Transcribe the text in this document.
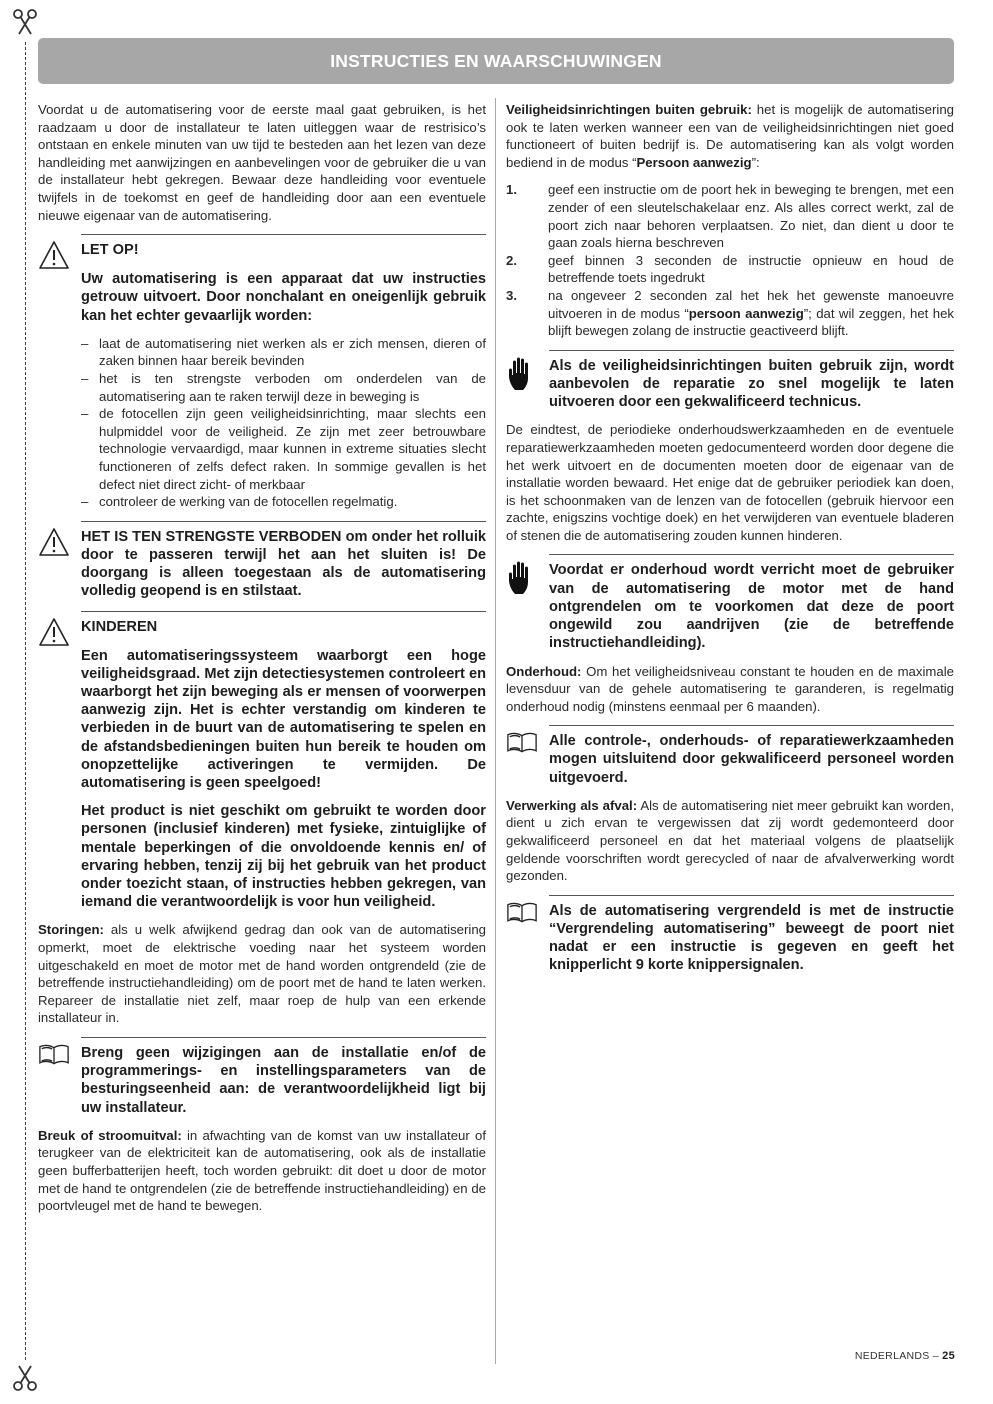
INSTRUCTIES EN WAARSCHUWINGEN

Voordat u de automatisering voor de eerste maal gaat gebruiken, is het raadzaam u door de installateur te laten uitleggen waar de restrisico’s ontstaan en enkele minuten van uw tijd te besteden aan het lezen van deze handleiding met aanwijzingen en aanbevelingen voor de gebruiker die u van de installateur hebt gekregen. Bewaar deze handleiding voor eventuele twijfels in de toekomst en geef de handleiding door aan een eventuele nieuwe eigenaar van de automatisering.

LET OP!
Uw automatisering is een apparaat dat uw instructies getrouw uitvoert. Door nonchalant en oneigenlijk gebruik kan het echter gevaarlijk worden:
– laat de automatisering niet werken als er zich mensen, dieren of zaken binnen haar bereik bevinden
– het is ten strengste verboden om onderdelen van de automatisering aan te raken terwijl deze in beweging is
– de fotocellen zijn geen veiligheidsinrichting, maar slechts een hulpmiddel voor de veiligheid. Ze zijn met zeer betrouwbare technologie vervaardigd, maar kunnen in extreme situaties slecht functioneren of zelfs defect raken. In sommige gevallen is het defect niet direct zicht- of merkbaar
– controleer de werking van de fotocellen regelmatig.
HET IS TEN STRENGSTE VERBODEN om onder het rolluik door te passeren terwijl het aan het sluiten is! De doorgang is alleen toegestaan als de automatisering volledig geopend is en stilstaat.
KINDEREN
Een automatiseringssysteem waarborgt een hoge veiligheidsgraad. Met zijn detectiesystemen controleert en waarborgt het zijn beweging als er mensen of voorwerpen aanwezig zijn. Het is echter verstandig om kinderen te verbieden in de buurt van de automatisering te spelen en de afstandsbedieningen buiten hun bereik te houden om onopzettelijke activeringen te vermijden. De automatisering is geen speelgoed!
Het product is niet geschikt om gebruikt te worden door personen (inclusief kinderen) met fysieke, zintuiglijke of mentale beperkingen of die onvoldoende kennis en/ of ervaring hebben, tenzij zij bij het gebruik van het product onder toezicht staan, of instructies hebben gekregen, van iemand die verantwoordelijk is voor hun veiligheid.

Storingen: als u welk afwijkend gedrag dan ook van de automatisering opmerkt, moet de elektrische voeding naar het systeem worden uitgeschakeld en moet de motor met de hand worden ontgrendeld (zie de betreffende instructiehandleiding) om de poort met de hand te laten werken. Repareer de installatie niet zelf, maar roep de hulp van een erkende installateur in.

Breng geen wijzigingen aan de installatie en/of de programmerings- en instellingsparameters van de besturingseenheid aan: de verantwoordelijkheid ligt bij uw installateur.

Breuk of stroomuitval: in afwachting van de komst van uw installateur of terugkeer van de elektriciteit kan de automatisering, ook als de installatie geen bufferbatterijen heeft, toch worden gebruikt: dit doet u door de motor met de hand te ontgrendelen (zie de betreffende instructiehandleiding) en de poortvleugel met de hand te bewegen.

Veiligheidsinrichtingen buiten gebruik: het is mogelijk de automatisering ook te laten werken wanneer een van de veiligheidsinrichtingen niet goed functioneert of buiten bedrijf is. De automatisering kan als volgt worden bediend in de modus “Persoon aanwezig”:

1. geef een instructie om de poort hek in beweging te brengen, met een zender of een sleutelschakelaar enz. Als alles correct werkt, zal de poort zich naar behoren verplaatsen. Zo niet, dan dient u door te gaan zoals hierna beschreven
2. geef binnen 3 seconden de instructie opnieuw en houd de betreffende toets ingedrukt
3. na ongeveer 2 seconden zal het hek het gewenste manoeuvre uitvoeren in de modus “persoon aanwezig”; dat wil zeggen, het hek blijft bewegen zolang de instructie geactiveerd blijft.
Als de veiligheidsinrichtingen buiten gebruik zijn, wordt aanbevolen de reparatie zo snel mogelijk te laten uitvoeren door een gekwalificeerd technicus.

De eindtest, de periodieke onderhoudswerkzaamheden en de eventuele reparatiewerkzaamheden moeten gedocumenteerd worden door degene die het werk uitvoert en de documenten moeten door de eigenaar van de installatie worden bewaard. Het enige dat de gebruiker periodiek kan doen, is het schoonmaken van de lenzen van de fotocellen (gebruik hiervoor een zachte, enigszins vochtige doek) en het verwijderen van eventuele bladeren of stenen die de automatisering zouden kunnen hinderen.

Voordat er onderhoud wordt verricht moet de gebruiker van de automatisering de motor met de hand ontgrendelen om te voorkomen dat deze de poort ongewild zou aandrijven (zie de betreffende instructiehandleiding).

Onderhoud: Om het veiligheidsniveau constant te houden en de maximale levensduur van de gehele automatisering te garanderen, is regelmatig onderhoud nodig (minstens eenmaal per 6 maanden).

Alle controle-, onderhouds- of reparatiewerkzaamheden mogen uitsluitend door gekwalificeerd personeel worden uitgevoerd.

Verwerking als afval: Als de automatisering niet meer gebruikt kan worden, dient u zich ervan te vergewissen dat zij wordt gedemonteerd door gekwalificeerd personeel en dat het materiaal volgens de plaatselijk geldende voorschriften wordt gerecycled of naar de afvalverwerking wordt gezonden.

Als de automatisering vergrendeld is met de instructie “Vergrendeling automatisering” beweegt de poort niet nadat er een instructie is gegeven en geeft het knipperlicht 9 korte knippersignalen.
NEDERLANDS – 25
